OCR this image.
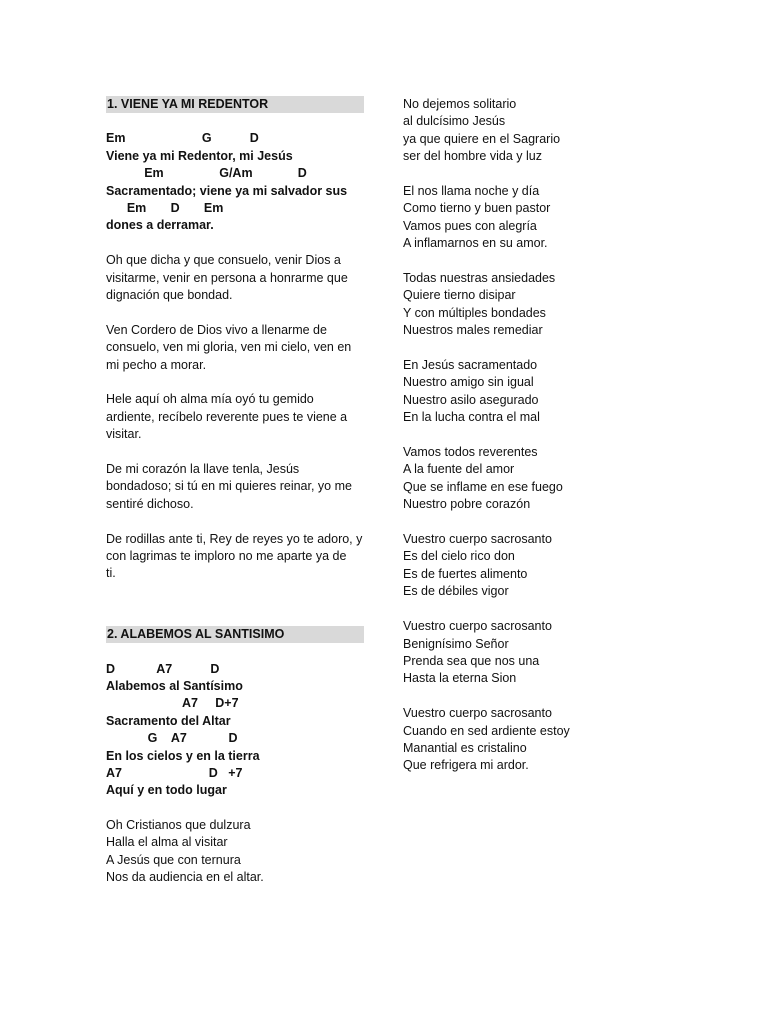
1. VIENE YA MI REDENTOR
Em                      G           D
Viene ya mi Redentor, mi Jesús
Em                G/Am             D
Sacramentado; viene ya mi salvador sus
Em       D       Em
dones a derramar.
Oh que dicha y que consuelo, venir Dios a
visitarme, venir en persona a honrarme que
dignación que bondad.
Ven Cordero de Dios vivo a llenarme de
consuelo, ven mi gloria, ven mi cielo, ven en
mi pecho a morar.
Hele aquí oh alma mía oyó tu gemido
ardiente, recíbelo reverente pues te viene a
visitar.
De mi corazón la llave tenla, Jesús
bondadoso; si tú en mi quieres reinar, yo me
sentiré dichoso.
De rodillas ante ti, Rey de reyes yo te adoro, y
con lagrimas te imploro no me aparte ya de
ti.
2. ALABEMOS AL SANTISIMO
D            A7           D
Alabemos al Santísimo
A7     D+7
Sacramento del Altar
G    A7            D
En los cielos y en la tierra
A7                         D   +7
Aquí y en todo lugar
Oh Cristianos que dulzura
Halla el alma al visitar
A Jesús que con ternura
Nos da audiencia en el altar.
No dejemos solitario
al dulcísimo Jesús
ya que quiere en el Sagrario
ser del hombre vida y luz
El nos llama noche y día
Como tierno y buen pastor
Vamos pues con alegría
A inflamarnos en su amor.
Todas nuestras ansiedades
Quiere tierno disipar
Y con múltiples bondades
Nuestros males remediar
En Jesús sacramentado
Nuestro amigo sin igual
Nuestro asilo asegurado
En la lucha contra el mal
Vamos todos reverentes
A la fuente del amor
Que se inflame en ese fuego
Nuestro pobre corazón
Vuestro cuerpo sacrosanto
Es del cielo rico don
Es de fuertes alimento
Es de débiles vigor
Vuestro cuerpo sacrosanto
Benignísimo Señor
Prenda sea que nos una
Hasta la eterna Sion
Vuestro cuerpo sacrosanto
Cuando en sed ardiente estoy
Manantial es cristalino
Que refrigera mi ardor.
